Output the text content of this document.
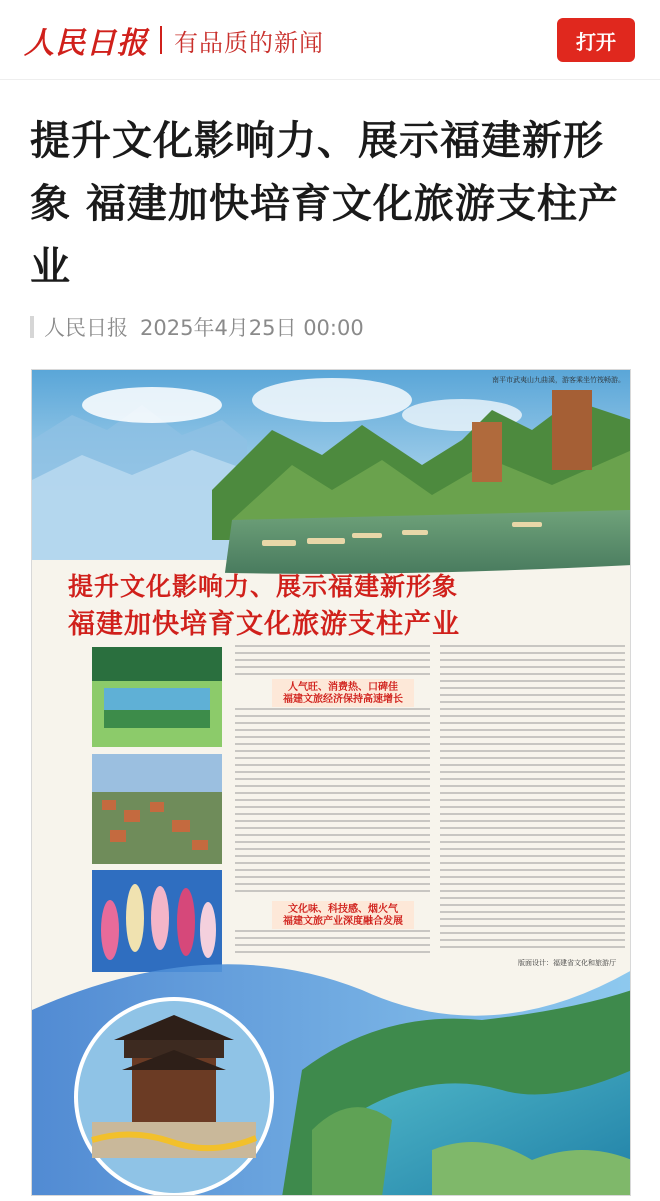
人民日报 有品质的新闻	打开
提升文化影响力、展示福建新形象 福建加快培育文化旅游支柱产业
人民日报 2025年4月25日 00:00
南平市武夷山九曲溪，游客乘坐竹筏畅游。
提升文化影响力、展示福建新形象
福建加快培育文化旅游支柱产业
人气旺、消费热、口碑佳
福建文旅经济保持高速增长
文化味、科技感、烟火气
福建文旅产业深度融合发展
版面设计：福建省文化和旅游厅
